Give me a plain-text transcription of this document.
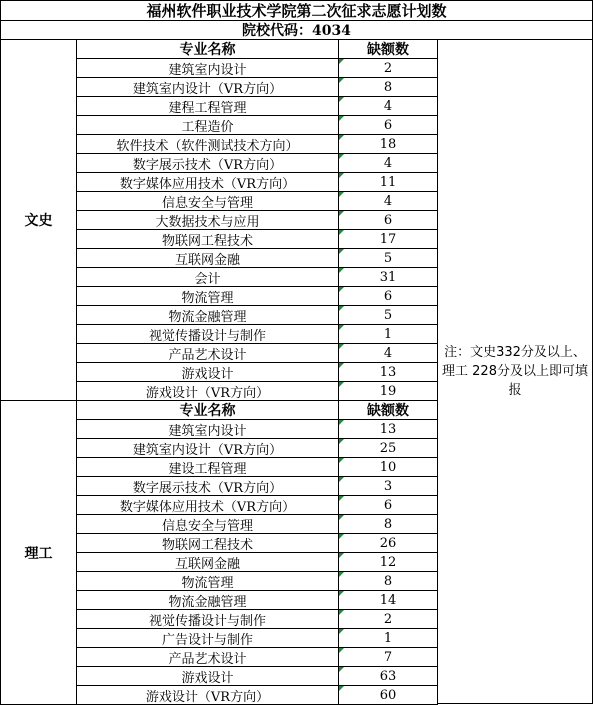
福州软件职业技术学院第二次征求志愿计划数
院校代码：4034
注：文史332分及以上、理工 228分及以上即可填报
文史
专业名称	缺额数
建筑室内设计	2
建筑室内设计（VR方向）	8
建程工程管理	4
工程造价	6
软件技术（软件测试技术方向）	18
数字展示技术（VR方向）	4
数字媒体应用技术（VR方向）	11
信息安全与管理	4
大数据技术与应用	6
物联网工程技术	17
互联网金融	5
会计	31
物流管理	6
物流金融管理	5
视觉传播设计与制作	1
产品艺术设计	4
游戏设计	13
游戏设计（VR方向）	19
理工
专业名称	缺额数
建筑室内设计	13
建筑室内设计（VR方向）	25
建设工程管理	10
数字展示技术（VR方向）	3
数字媒体应用技术（VR方向）	6
信息安全与管理	8
物联网工程技术	26
互联网金融	12
物流管理	8
物流金融管理	14
视觉传播设计与制作	2
广告设计与制作	1
产品艺术设计	7
游戏设计	63
游戏设计（VR方向）	60
